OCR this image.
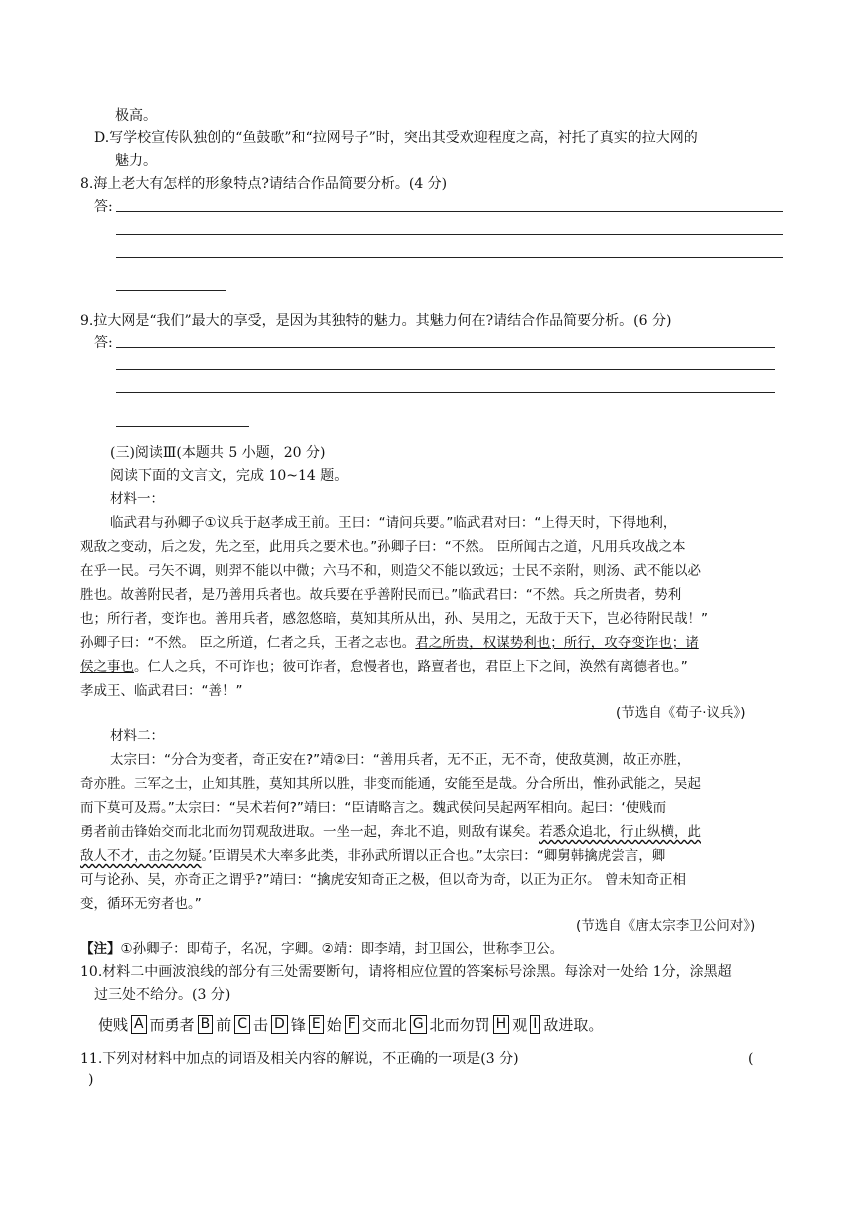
极高。
D.写学校宣传队独创的“鱼鼓歌”和“拉网号子”时，突出其受欢迎程度之高，衬托了真实的拉大网的
魅力。
8.海上老大有怎样的形象特点?请结合作品简要分析。(4 分)
答:
9.拉大网是“我们”最大的享受，是因为其独特的魅力。其魅力何在?请结合作品简要分析。(6 分)
答:
(三)阅读Ⅲ(本题共 5 小题，20 分)
阅读下面的文言文，完成 10~14 题。
材料一：
临武君与孙卿子①议兵于赵孝成王前。王曰：“请问兵要。”临武君对曰：“上得天时，下得地利，
观敌之变动，后之发，先之至，此用兵之要术也。”孙卿子曰：“不然。 臣所闻古之道，凡用兵攻战之本
在乎一民。弓矢不调，则羿不能以中微；六马不和，则造父不能以致远；士民不亲附，则汤、武不能以必
胜也。故善附民者，是乃善用兵者也。故兵要在乎善附民而已。”临武君曰：“不然。兵之所贵者，势利
也；所行者，变诈也。善用兵者，感忽悠暗，莫知其所从出，孙、吴用之，无敌于天下，岂必待附民哉！”
孙卿子曰：“不然。 臣之所道，仁者之兵，王者之志也。君之所贵，权谋势利也；所行，攻夺变诈也；诸
侯之事也。仁人之兵，不可诈也；彼可诈者，怠慢者也，路亶者也，君臣上下之间，涣然有离德者也。”
孝成王、临武君曰：“善！”
(节选自《荀子·议兵》)
材料二：
太宗曰：“分合为变者，奇正安在?”靖②曰：“善用兵者，无不正，无不奇，使敌莫测，故正亦胜，
奇亦胜。三军之士，止知其胜，莫知其所以胜，非变而能通，安能至是哉。分合所出，惟孙武能之，吴起
而下莫可及焉。”太宗曰：“吴术若何?”靖曰：“臣请略言之。魏武侯问吴起两军相向。起曰：‘使贱而
勇者前击锋始交而北北而勿罚观敌进取。一坐一起，奔北不追，则敌有谋矣。若悉众追北，行止纵横，此
敌人不才，击之勿疑。’臣谓吴术大率多此类，非孙武所谓以正合也。”太宗曰：“卿舅韩擒虎尝言，卿
可与论孙、吴，亦奇正之谓乎?”靖曰：“擒虎安知奇正之极，但以奇为奇，以正为正尔。 曾未知奇正相
变，循环无穷者也。”
(节选自《唐太宗李卫公问对》)
【注】①孙卿子：即荀子，名况，字卿。②靖：即李靖，封卫国公，世称李卫公。
10.材料二中画波浪线的部分有三处需要断句，请将相应位置的答案标号涂黑。每涂对一处给 1分，涂黑超
过三处不给分。(3 分)
使贱 A 而勇者 B 前 C 击 D 锋 E 始 F 交而北 G 北而勿罚 H 观 I 敌进取。
11.下列对材料中加点的词语及相关内容的解说，不正确的一项是(3 分)	(
)
